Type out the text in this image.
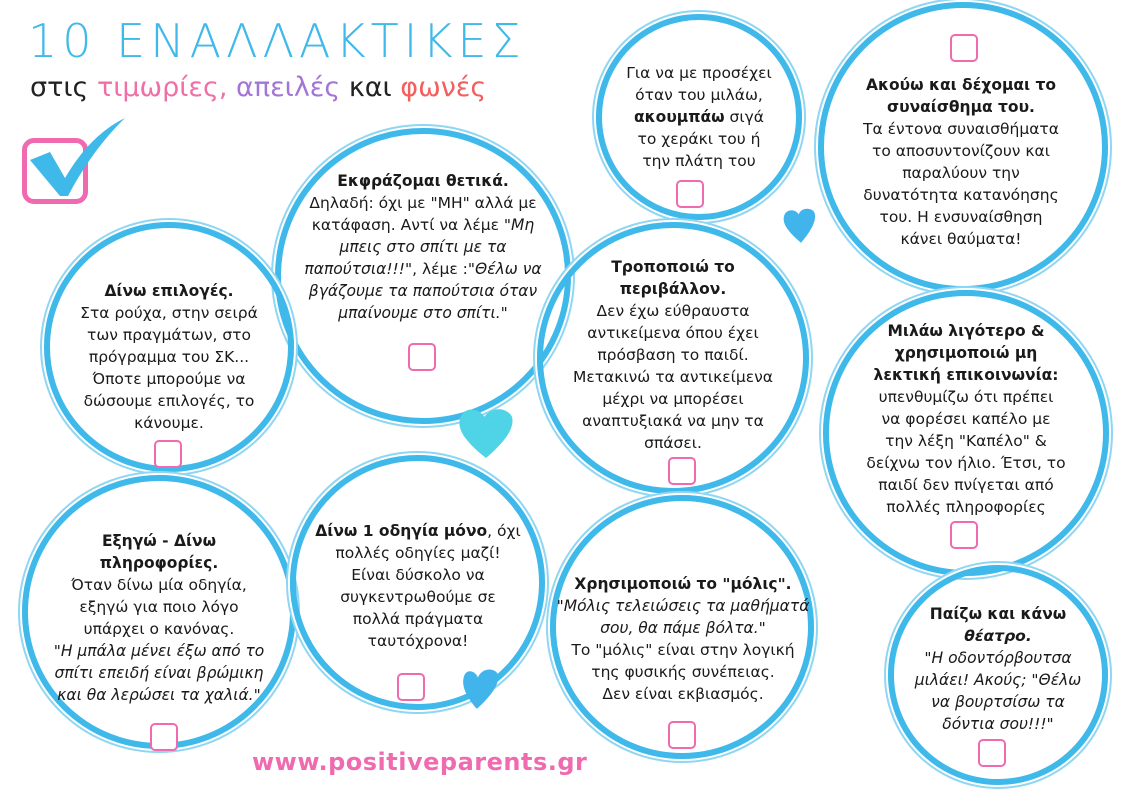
10 ΕΝΑΛΛΑΚΤΙΚΕΣ

στις τιμωρίες, απειλές και φωνές	Για να με προσέχει

όταν του μιλάω,

ακουμπάω σιγά

το χεράκι του ή

την πλάτη του

Ακούω και δέχομαι το

συναίσθημα του.

Τα έντονα συναισθήματα

το αποσυντονίζουν και

παραλύουν την

δυνατότητα κατανόησης

του. Η ενσυναίσθηση

κάνει θαύματα!

Εκφράζομαι θετικά.

Δηλαδή: όχι με "ΜΗ" αλλά με

κατάφαση. Αντί να λέμε "Μη

μπεις στο σπίτι με τα

παπούτσια!!!", λέμε :"Θέλω να

βγάζουμε τα παπούτσια όταν

μπαίνουμε στο σπίτι."

Δίνω επιλογές.

Στα ρούχα, στην σειρά

των πραγμάτων, στο

πρόγραμμα του ΣΚ...

Όποτε μπορούμε να

δώσουμε επιλογές, το

κάνουμε.

Τροποποιώ το

περιβάλλον.

Δεν έχω εύθραυστα

αντικείμενα όπου έχει

πρόσβαση το παιδί.

Μετακινώ τα αντικείμενα

μέχρι να μπορέσει

αναπτυξιακά να μην τα

σπάσει.

Μιλάω λιγότερο &

χρησιμοποιώ μη

λεκτική επικοινωνία:

υπενθυμίζω ότι πρέπει

να φορέσει καπέλο με

την λέξη "Καπέλο" &

δείχνω τον ήλιο. Έτσι, το

παιδί δεν πνίγεται από

πολλές πληροφορίες

Εξηγώ - Δίνω

πληροφορίες.

Όταν δίνω μία οδηγία,

εξηγώ για ποιο λόγο

υπάρχει ο κανόνας.

"Η μπάλα μένει έξω από το

σπίτι επειδή είναι βρώμικη

και θα λερώσει τα χαλιά."

Δίνω 1 οδηγία μόνο, όχι

πολλές οδηγίες μαζί!

Είναι δύσκολο να

συγκεντρωθούμε σε

πολλά πράγματα

ταυτόχρονα!

Χρησιμοποιώ το "μόλις".

"Μόλις τελειώσεις τα μαθήματά

σου, θα πάμε βόλτα."

Το "μόλις" είναι στην λογική

της φυσικής συνέπειας.

Δεν είναι εκβιασμός.

Παίζω και κάνω

θέατρο.

"Η οδοντόρβουτσα

μιλάει! Ακούς; "Θέλω

να βουρτσίσω τα

δόντια σου!!!"

www.positiveparents.gr
